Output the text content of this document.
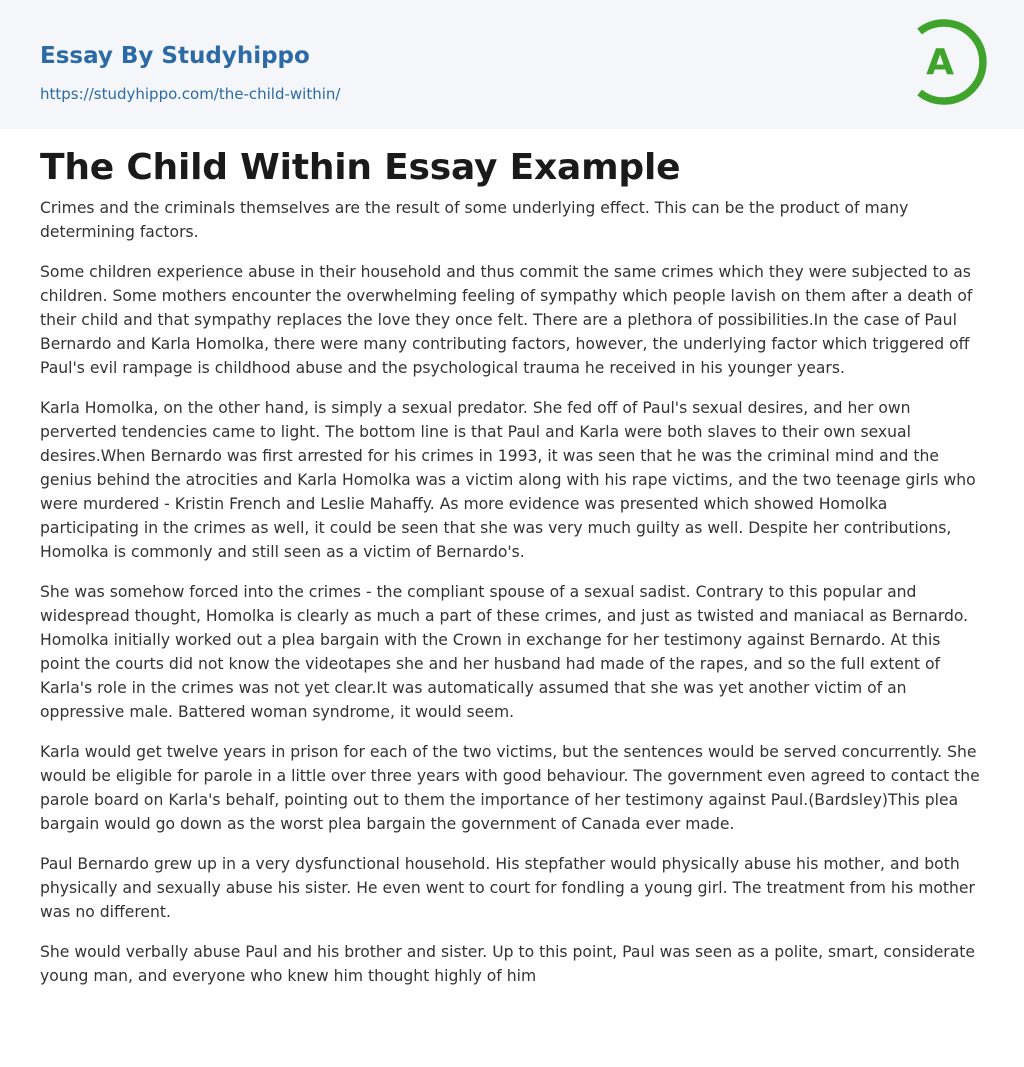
Essay By Studyhippo
https://studyhippo.com/the-child-within/
A
The Child Within Essay Example

Crimes and the criminals themselves are the result of some underlying effect. This can be the product of many determining factors.

Some children experience abuse in their household and thus commit the same crimes which they were subjected to as children. Some mothers encounter the overwhelming feeling of sympathy which people lavish on them after a death of their child and that sympathy replaces the love they once felt. There are a plethora of possibilities.In the case of Paul Bernardo and Karla Homolka, there were many contributing factors, however, the underlying factor which triggered off Paul's evil rampage is childhood abuse and the psychological trauma he received in his younger years.

Karla Homolka, on the other hand, is simply a sexual predator. She fed off of Paul's sexual desires, and her own perverted tendencies came to light. The bottom line is that Paul and Karla were both slaves to their own sexual desires.When Bernardo was first arrested for his crimes in 1993, it was seen that he was the criminal mind and the genius behind the atrocities and Karla Homolka was a victim along with his rape victims, and the two teenage girls who were murdered - Kristin French and Leslie Mahaffy. As more evidence was presented which showed Homolka participating in the crimes as well, it could be seen that she was very much guilty as well. Despite her contributions, Homolka is commonly and still seen as a victim of Bernardo's.

She was somehow forced into the crimes - the compliant spouse of a sexual sadist. Contrary to this popular and widespread thought, Homolka is clearly as much a part of these crimes, and just as twisted and maniacal as Bernardo. Homolka initially worked out a plea bargain with the Crown in exchange for her testimony against Bernardo. At this point the courts did not know the videotapes she and her husband had made of the rapes, and so the full extent of Karla's role in the crimes was not yet clear.It was automatically assumed that she was yet another victim of an oppressive male. Battered woman syndrome, it would seem.

Karla would get twelve years in prison for each of the two victims, but the sentences would be served concurrently. She would be eligible for parole in a little over three years with good behaviour. The government even agreed to contact the parole board on Karla's behalf, pointing out to them the importance of her testimony against Paul.(Bardsley)This plea bargain would go down as the worst plea bargain the government of Canada ever made.

Paul Bernardo grew up in a very dysfunctional household. His stepfather would physically abuse his mother, and both physically and sexually abuse his sister. He even went to court for fondling a young girl. The treatment from his mother was no different.

She would verbally abuse Paul and his brother and sister. Up to this point, Paul was seen as a polite, smart, considerate young man, and everyone who knew him thought highly of him
